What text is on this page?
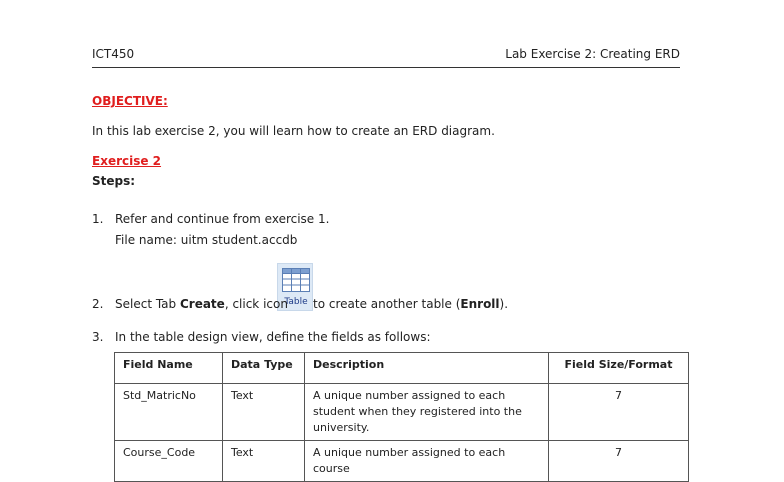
ICT450	Lab Exercise 2: Creating ERD
OBJECTIVE:
In this lab exercise 2, you will learn how to create an ERD diagram.
Exercise 2
Steps:
1. Refer and continue from exercise 1.
File name: uitm student.accdb
Table
2. Select Tab Create, click icon to create another table (Enroll).
3. In the table design view, define the fields as follows:
Field Name	Data Type	Description	Field Size/Format
Std_MatricNo	Text	A unique number assigned to each student when they registered into the university.	7
Course_Code	Text	A unique number assigned to each course	7
